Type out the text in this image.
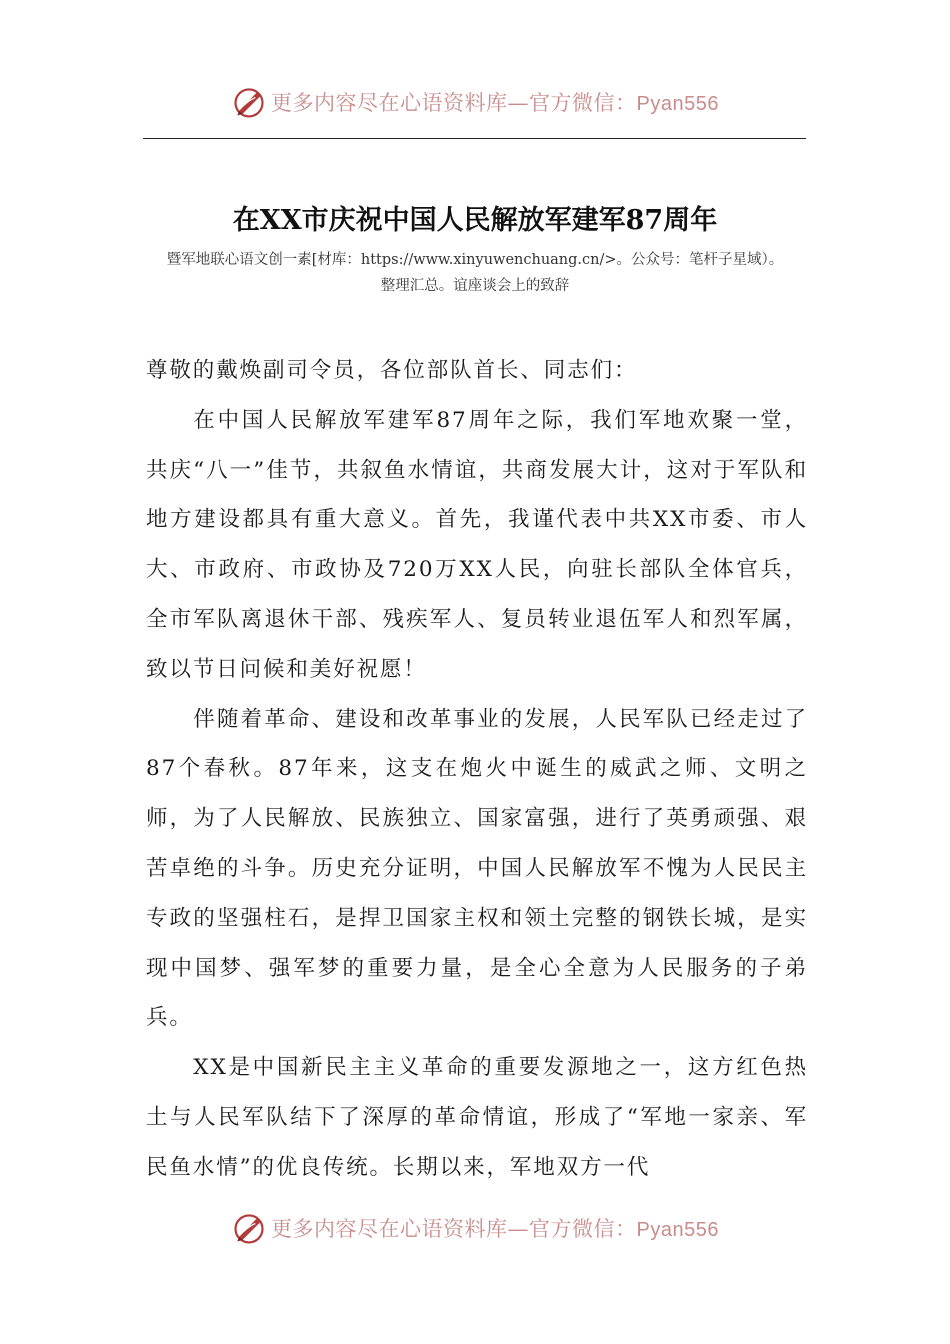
更多内容尽在心语资料库—官方微信：Pyan556
在XX市庆祝中国人民解放军建军87周年

暨军地联心语文创一素[材库：https://www.xinyuwenchuang.cn/>。公众号：笔杆子星域）。
整理汇总。谊座谈会上的致辞

尊敬的戴焕副司令员，各位部队首长、同志们：

在中国人民解放军建军87周年之际，我们军地欢聚一堂，共庆“八一”佳节，共叙鱼水情谊，共商发展大计，这对于军队和地方建设都具有重大意义。首先，我谨代表中共XX市委、市人大、市政府、市政协及720万XX人民，向驻长部队全体官兵，全市军队离退休干部、残疾军人、复员转业退伍军人和烈军属，致以节日问候和美好祝愿！

伴随着革命、建设和改革事业的发展，人民军队已经走过了87个春秋。87年来，这支在炮火中诞生的威武之师、文明之师，为了人民解放、民族独立、国家富强，进行了英勇顽强、艰苦卓绝的斗争。历史充分证明，中国人民解放军不愧为人民民主专政的坚强柱石，是捍卫国家主权和领土完整的钢铁长城，是实现中国梦、强军梦的重要力量，是全心全意为人民服务的子弟兵。

XX是中国新民主主义革命的重要发源地之一，这方红色热土与人民军队结下了深厚的革命情谊，形成了“军地一家亲、军民鱼水情”的优良传统。长期以来，军地双方一代

更多内容尽在心语资料库—官方微信：Pyan556
